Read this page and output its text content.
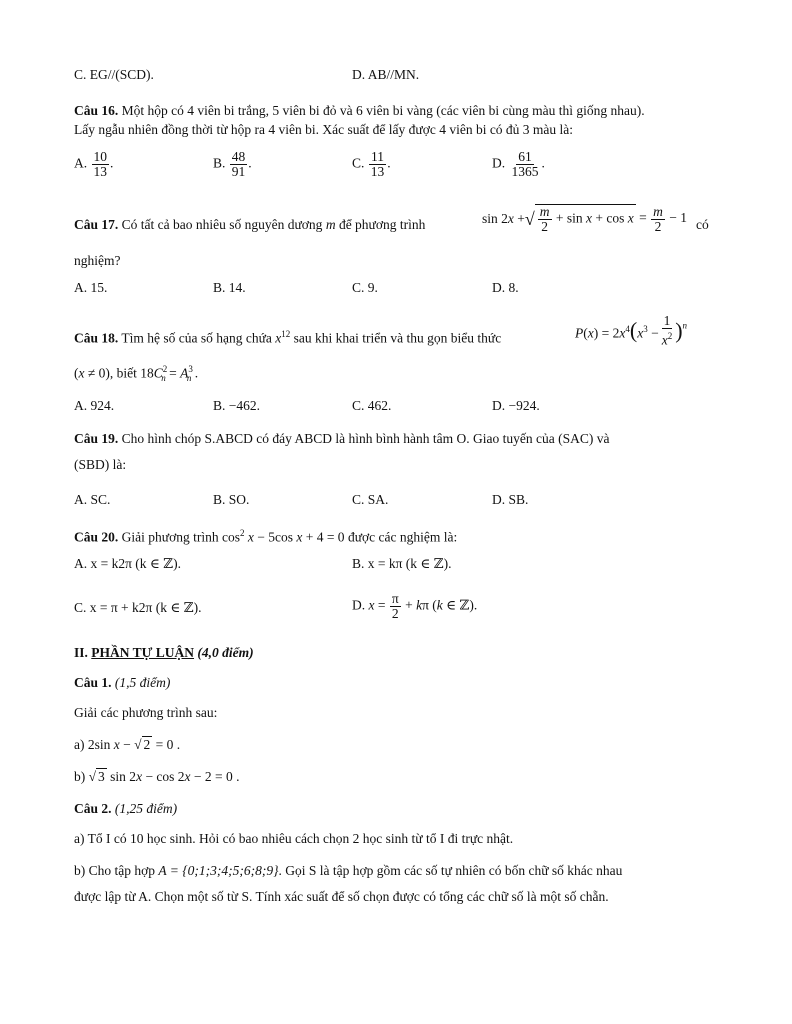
C. EG//(SCD).	D. AB//MN.
Câu 16. Một hộp có 4 viên bi trắng, 5 viên bi đỏ và 6 viên bi vàng (các viên bi cùng màu thì giống nhau).
Lấy ngẫu nhiên đồng thời từ hộp ra 4 viên bi. Xác suất để lấy được 4 viên bi có đủ 3 màu là:
A. $\frac{10}{13}$ .	B. $\frac{48}{91}$ .	C. $\frac{11}{13}$ .	D. $\frac{61}{1365}$ .
Câu 17. Có tất cả bao nhiêu số nguyên dương m để phương trình	sin 2x +√ $\frac{m}{2} + \sin x + \cos x = \frac{m}{2} - 1$ có
nghiệm?
A. 15.	B. 14.	C. 9.	D. 8.
Câu 18. Tìm hệ số của số hạng chứa $x^{12}$ sau khi khai triển và thu gọn biểu thức	$P(x) = 2x^4(x^3 - \frac{1}{x^2} )^n$
(x ≠ 0), biết $18C^2_n = A^3_n$ .
A. 924.	B. −462.	C. 462.	D. −924.
Câu 19. Cho hình chóp S.ABCD có đáy ABCD là hình bình hành tâm O. Giao tuyến của (SAC) và
(SBD) là:
A. SC.	B. SO.	C. SA.	D. SB.
Câu 20. Giải phương trình $\cos^2 x - 5\cos$ x + 4 = 0 được các nghiệm là:
A. x = k2π (k ∈ ℤ).	B. x = kπ (k ∈ ℤ).
C. x = π + k2π (k ∈ ℤ).	D. $x = \frac{\pi}{2} + k\pi$ (k ∈ ℤ).
II. PHẦN TỰ LUẬN (4,0 điểm)
Câu 1. (1,5 điểm)
Giải các phương trình sau:
a) 2sin x − √ 2 = 0 .
b) √ 3 sin 2x − cos 2x − 2 = 0 .
Câu 2. (1,25 điểm)
a) Tổ I có 10 học sinh. Hỏi có bao nhiêu cách chọn 2 học sinh từ tổ I đi trực nhật.
b) Cho tập hợp A = {0;1;3;4;5;6;8;9}. Gọi S là tập hợp gồm các số tự nhiên có bốn chữ số khác nhau
được lập từ A. Chọn một số từ S. Tính xác suất để số chọn được có tổng các chữ số là một số chẵn.
